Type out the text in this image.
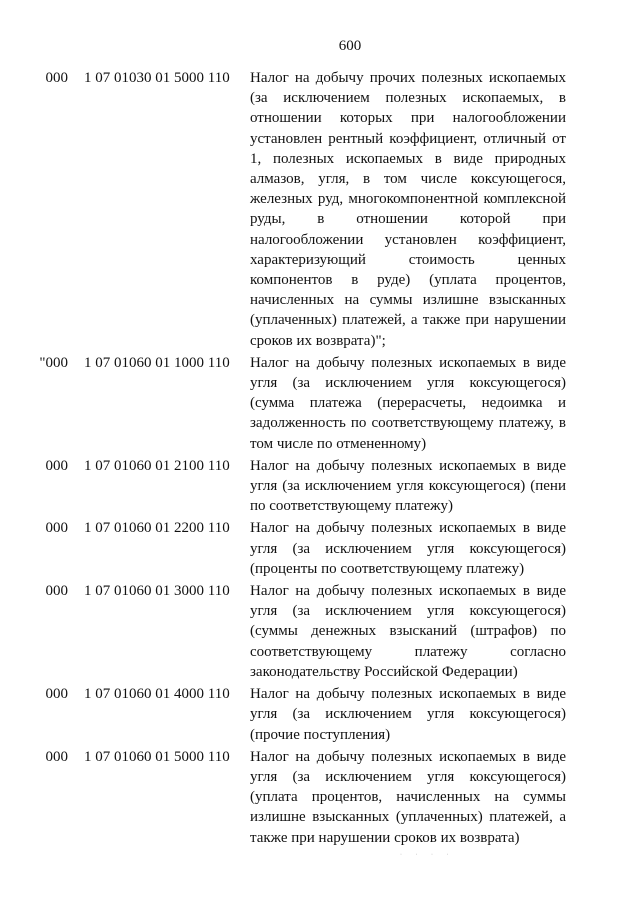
600
000 1 07 01030 01 5000 110	Налог на добычу прочих полезных ископаемых (за исключением полезных ископаемых, в отношении которых при налогообложении установлен рентный коэффициент, отличный от 1, полезных ископаемых в виде природных алмазов, угля, в том числе коксующегося, железных руд, многокомпонентной комплексной руды, в отношении которой при налогообложении установлен коэффициент, характеризующий стоимость ценных компонентов в руде) (уплата процентов, начисленных на суммы излишне взысканных (уплаченных) платежей, а также при нарушении сроков их возврата)";
"000 1 07 01060 01 1000 110	Налог на добычу полезных ископаемых в виде угля (за исключением угля коксующегося) (сумма платежа (перерасчеты, недоимка и задолженность по соответствующему платежу, в том числе по отмененному)
000 1 07 01060 01 2100 110	Налог на добычу полезных ископаемых в виде угля (за исключением угля коксующегося) (пени по соответствующему платежу)
000 1 07 01060 01 2200 110	Налог на добычу полезных ископаемых в виде угля (за исключением угля коксующегося) (проценты по соответствующему платежу)
000 1 07 01060 01 3000 110	Налог на добычу полезных ископаемых в виде угля (за исключением угля коксующегося) (суммы денежных взысканий (штрафов) по соответствующему платежу согласно законодательству Российской Федерации)
000 1 07 01060 01 4000 110	Налог на добычу полезных ископаемых в виде угля (за исключением угля коксующегося) (прочие поступления)
000 1 07 01060 01 5000 110	Налог на добычу полезных ископаемых в виде угля (за исключением угля коксующегося) (уплата процентов, начисленных на суммы излишне взысканных (уплаченных) платежей, а также при нарушении сроков их возврата)
· · · ·
